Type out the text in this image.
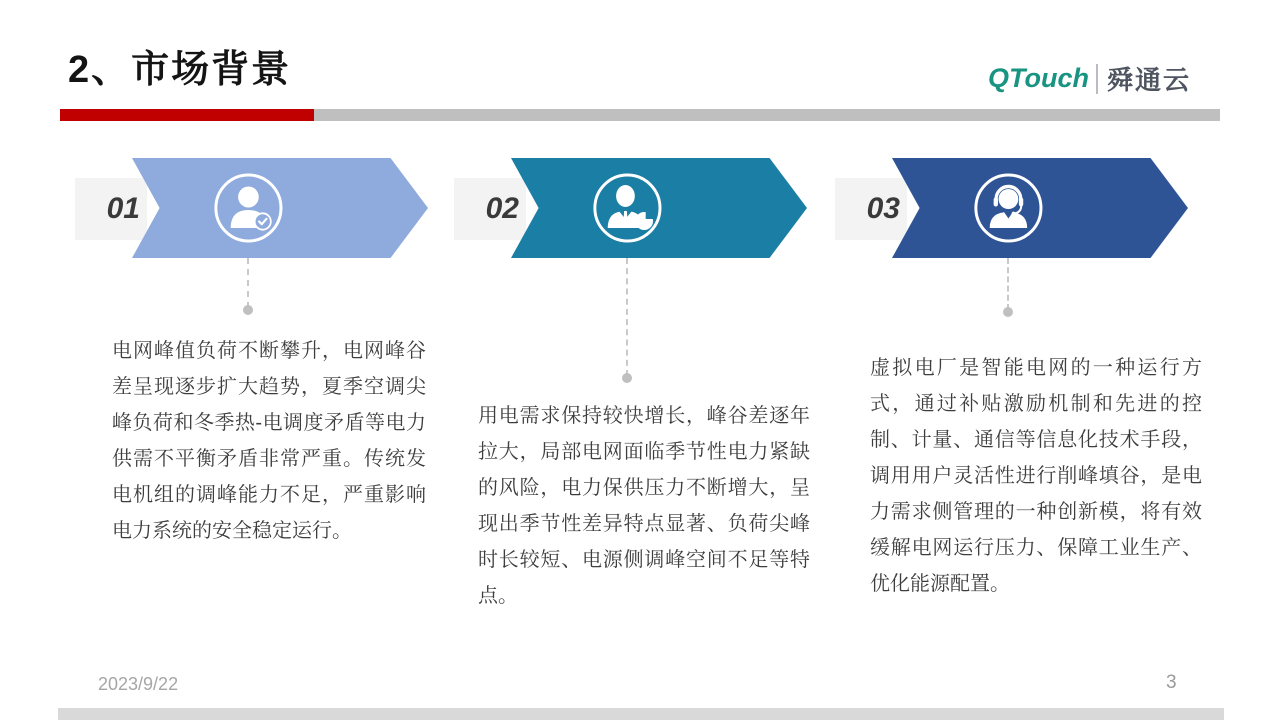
2、市场背景	QTouch 舜通云
01	02	03

电网峰值负荷不断攀升，电网峰谷差呈现逐步扩大趋势，夏季空调尖峰负荷和冬季热-电调度矛盾等电力供需不平衡矛盾非常严重。传统发电机组的调峰能力不足，严重影响电力系统的安全稳定运行。

用电需求保持较快增长，峰谷差逐年拉大，局部电网面临季节性电力紧缺的风险，电力保供压力不断增大，呈现出季节性差异特点显著、负荷尖峰时长较短、电源侧调峰空间不足等特点。

虚拟电厂是智能电网的一种运行方式，通过补贴激励机制和先进的控制、计量、通信等信息化技术手段，调用用户灵活性进行削峰填谷，是电力需求侧管理的一种创新模，将有效缓解电网运行压力、保障工业生产、优化能源配置。

2023/9/22	3
